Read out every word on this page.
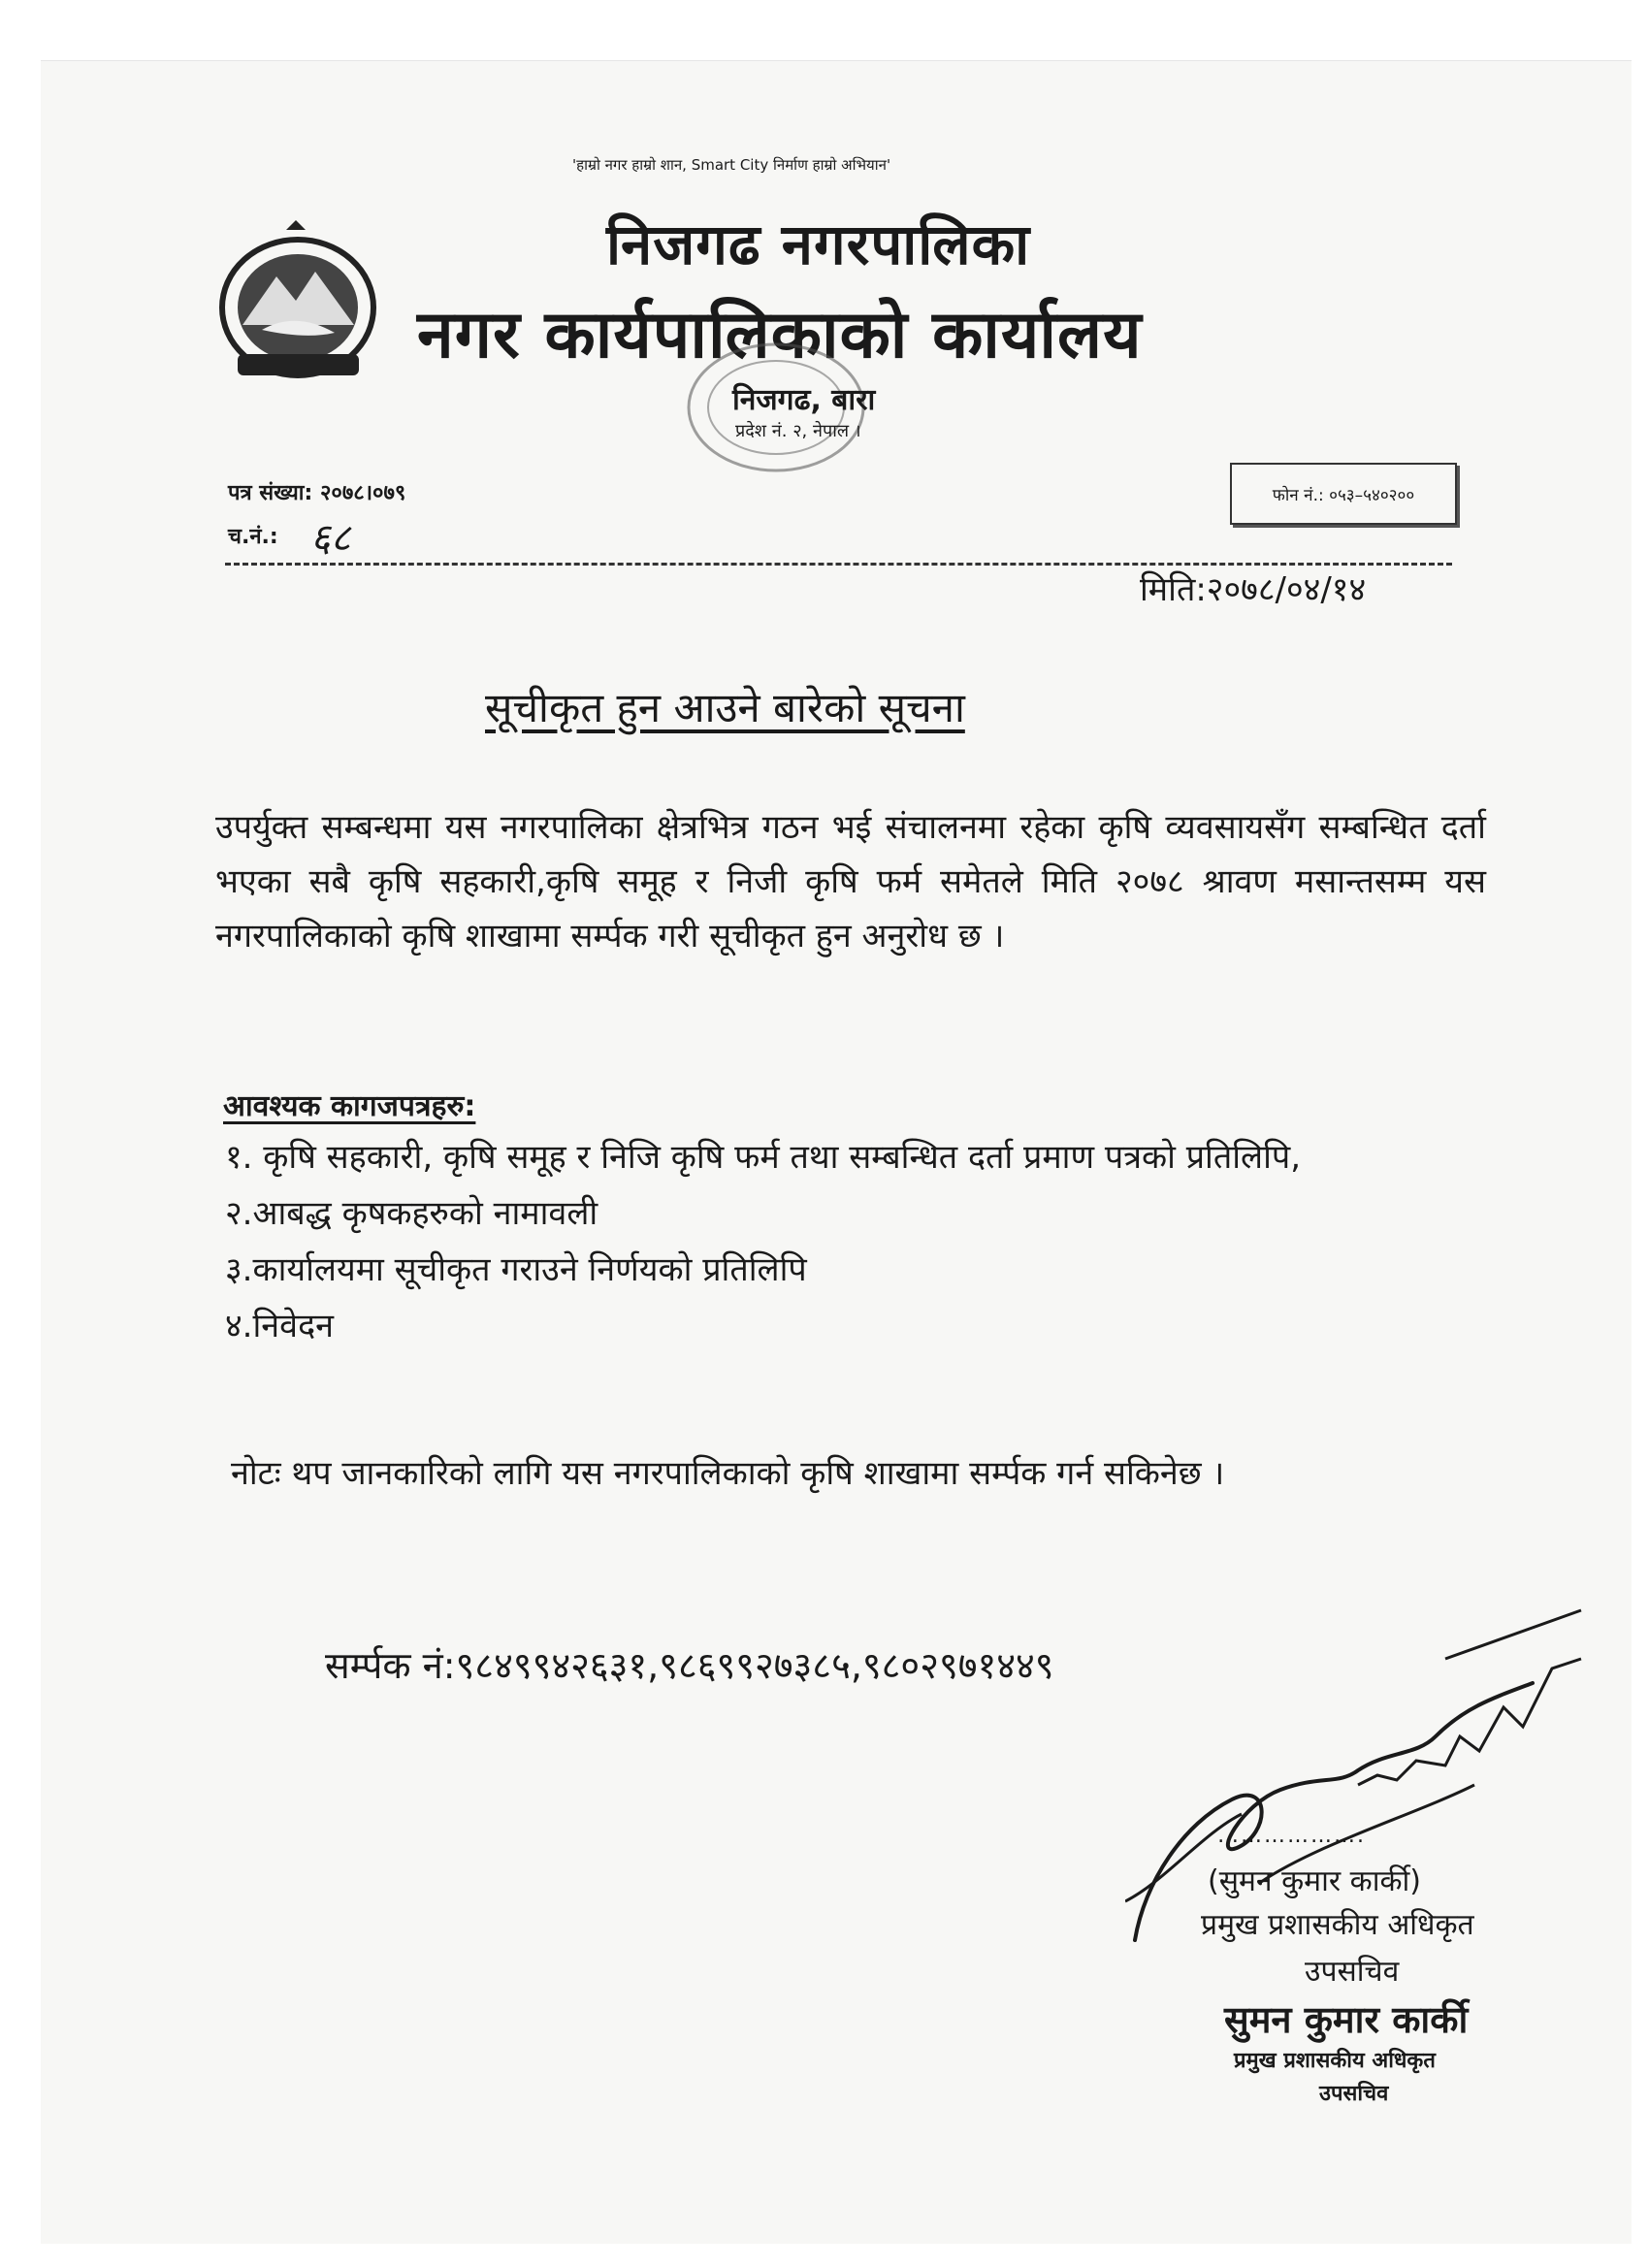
'हाम्रो नगर हाम्रो शान, Smart City निर्माण हाम्रो अभियान'
निजगढ नगरपालिका
नगर कार्यपालिकाको कार्यालय
निजगढ, बारा
प्रदेश नं. २, नेपाल ।
पत्र संख्या: २०७८।०७९
च.नं.: ६८
फोन नं.: ०५३–५४०२००
मिति:२०७८/०४/१४
सूचीकृत हुन आउने बारेको सूचना
उपर्युक्त सम्बन्धमा यस नगरपालिका क्षेत्रभित्र गठन भई संचालनमा रहेका कृषि व्यवसायसँग सम्बन्धित दर्ता भएका सबै कृषि सहकारी,कृषि समूह र निजी कृषि फर्म समेतले मिति २०७८ श्रावण मसान्तसम्म यस नगरपालिकाको कृषि शाखामा सर्म्पक गरी सूचीकृत हुन अनुरोध छ ।
आवश्यक कागजपत्रहरु:
१. कृषि सहकारी, कृषि समूह र निजि कृषि फर्म तथा सम्बन्धित दर्ता प्रमाण पत्रको प्रतिलिपि,
२.आबद्ध कृषकहरुको नामावली
३.कार्यालयमा सूचीकृत गराउने निर्णयको प्रतिलिपि
४.निवेदन
नोटः थप जानकारिको लागि यस नगरपालिकाको कृषि शाखामा सर्म्पक गर्न सकिनेछ ।
सर्म्पक नं:९८४९९४२६३१,९८६९९२७३८५,९८०२९७१४४९
……………….
(सुमन कुमार कार्की)
प्रमुख प्रशासकीय अधिकृत
उपसचिव
सुमन कुमार कार्की
प्रमुख प्रशासकीय अधिकृत
उपसचिव
